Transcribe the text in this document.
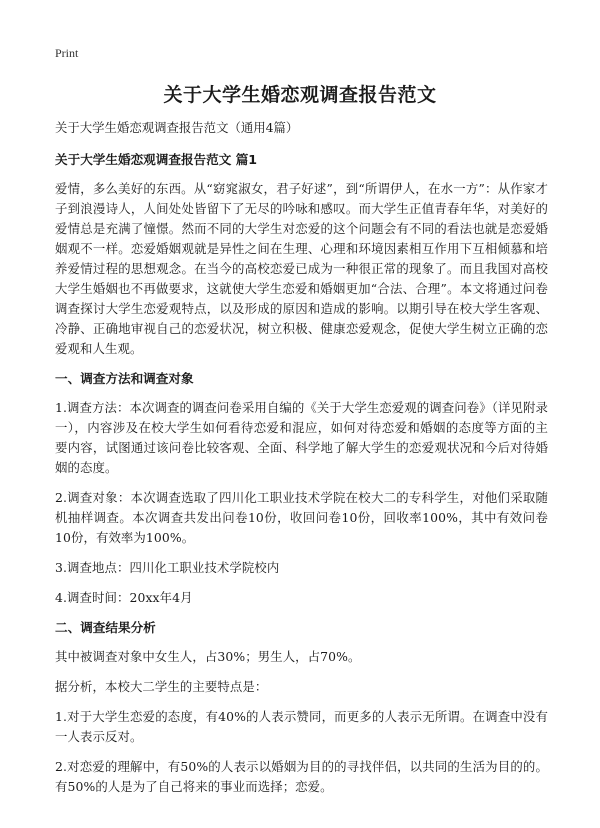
Print
关于大学生婚恋观调查报告范文

关于大学生婚恋观调查报告范文（通用4篇）

关于大学生婚恋观调查报告范文 篇1

爱情，多么美好的东西。从“窈窕淑女，君子好逑”，到“所谓伊人，在水一方”：从作家才子到浪漫诗人，人间处处皆留下了无尽的吟咏和感叹。而大学生正值青春年华，对美好的爱情总是充满了憧憬。然而不同的大学生对恋爱的这个问题会有不同的看法也就是恋爱婚姻观不一样。恋爱婚姻观就是异性之间在生理、心理和环境因素相互作用下互相倾慕和培养爱情过程的思想观念。在当今的高校恋爱已成为一种很正常的现象了。而且我国对高校大学生婚姻也不再做要求，这就使大学生恋爱和婚姻更加“合法、合理”。本文将通过问卷调查探讨大学生恋爱观特点，以及形成的原因和造成的影响。以期引导在校大学生客观、冷静、正确地审视自己的恋爱状况，树立积极、健康恋爱观念，促使大学生树立正确的恋爱观和人生观。

一、调查方法和调查对象

1.调查方法：本次调查的调查问卷采用自编的《关于大学生恋爱观的调查问卷》（详见附录一），内容涉及在校大学生如何看待恋爱和混应，如何对待恋爱和婚姻的态度等方面的主要内容，试图通过该问卷比较客观、全面、科学地了解大学生的恋爱观状况和今后对待婚姻的态度。

2.调查对象：本次调查选取了四川化工职业技术学院在校大二的专科学生，对他们采取随机抽样调查。本次调查共发出问卷10份，收回问卷10份，回收率100%，其中有效问卷10份，有效率为100%。

3.调查地点：四川化工职业技术学院校内

4.调查时间：20xx年4月

二、调查结果分析

其中被调查对象中女生人，占30%；男生人，占70%。

据分析，本校大二学生的主要特点是：

1.对于大学生恋爱的态度，有40%的人表示赞同，而更多的人表示无所谓。在调查中没有一人表示反对。

2.对恋爱的理解中，有50%的人表示以婚姻为目的的寻找伴侣，以共同的生活为目的的。有50%的人是为了自己将来的事业而选择；恋爱。
